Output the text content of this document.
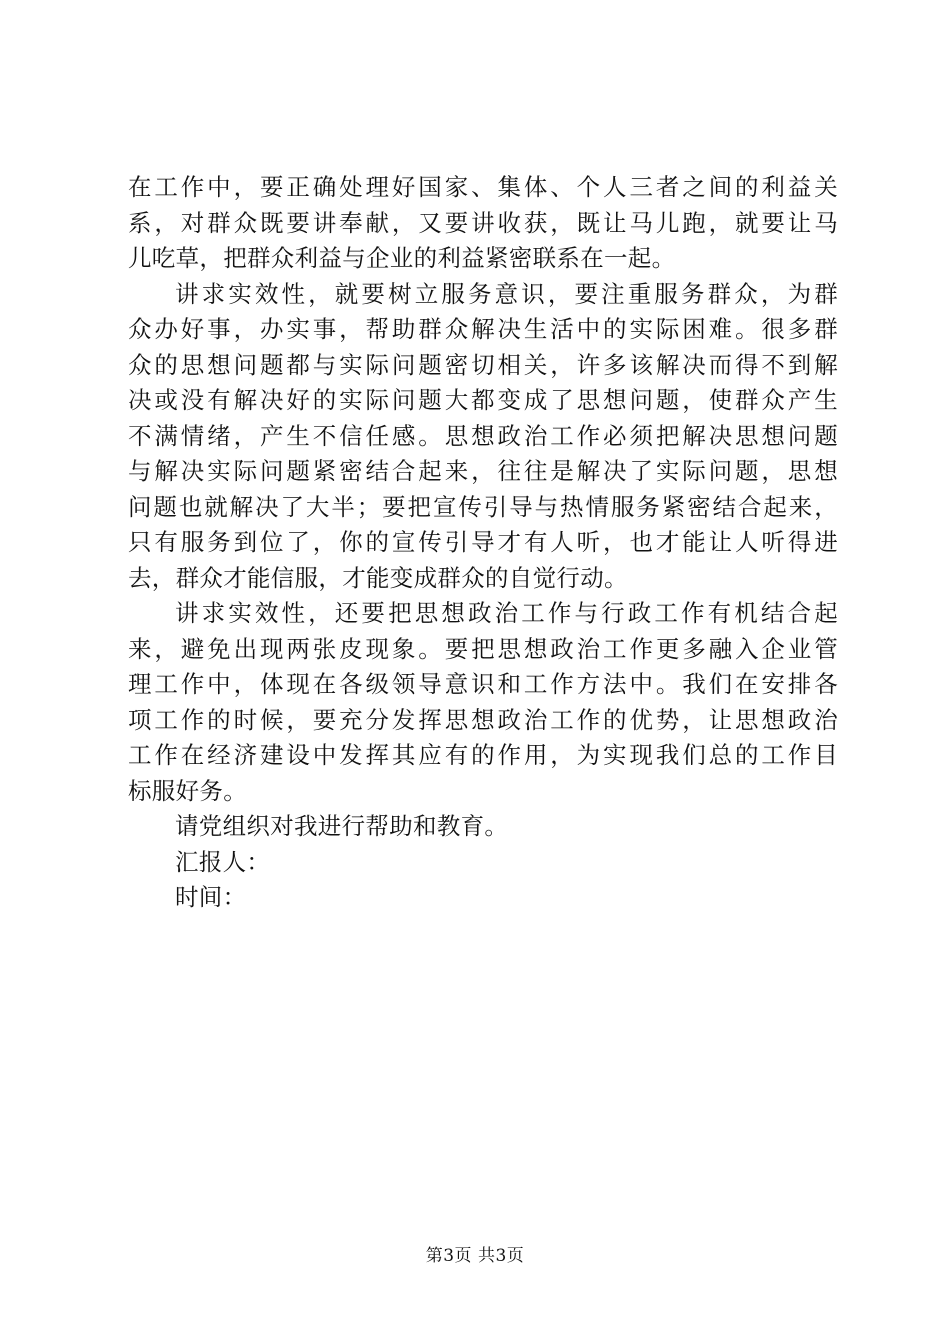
在工作中，要正确处理好国家、集体、个人三者之间的利益关
系，对群众既要讲奉献，又要讲收获，既让马儿跑，就要让马
儿吃草，把群众利益与企业的利益紧密联系在一起。
讲求实效性，就要树立服务意识，要注重服务群众，为群
众办好事，办实事，帮助群众解决生活中的实际困难。很多群
众的思想问题都与实际问题密切相关，许多该解决而得不到解
决或没有解决好的实际问题大都变成了思想问题，使群众产生
不满情绪，产生不信任感。思想政治工作必须把解决思想问题
与解决实际问题紧密结合起来，往往是解决了实际问题，思想
问题也就解决了大半；要把宣传引导与热情服务紧密结合起来，
只有服务到位了，你的宣传引导才有人听，也才能让人听得进
去，群众才能信服，才能变成群众的自觉行动。
讲求实效性，还要把思想政治工作与行政工作有机结合起
来，避免出现两张皮现象。要把思想政治工作更多融入企业管
理工作中，体现在各级领导意识和工作方法中。我们在安排各
项工作的时候，要充分发挥思想政治工作的优势，让思想政治
工作在经济建设中发挥其应有的作用，为实现我们总的工作目
标服好务。
请党组织对我进行帮助和教育。
汇报人：
时间：
第3页 共3页
